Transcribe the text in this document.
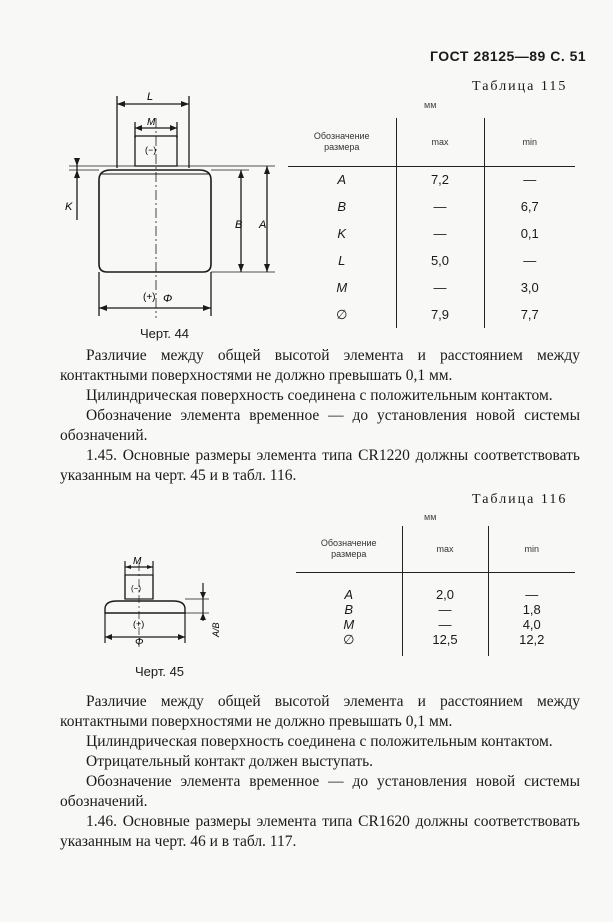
ГОСТ 28125—89 С. 51
L
M
(−)
K
B A
(+) Φ
Черт. 44
Таблица 115
мм
Обозначение размера	max	min
A	7,2	—
B	—	6,7
K	—	0,1
L	5,0	—
M	—	3,0
∅	7,9	7,7

Различие между общей высотой элемента и расстоянием между контактными поверхностями не должно превышать 0,1 мм.

Цилиндрическая поверхность соединена с положительным контактом.

Обозначение элемента временное — до установления новой системы обозначений.

1.45. Основные размеры элемента типа CR1220 должны соответствовать указанным на черт. 45 и в табл. 116.

Таблица 116
мм
Обозначение размера	max	min
A	2,0	—
B	—	1,8
M	—	4,0
∅	12,5	12,2
M
(−)
(+)
Φ
A/B
Черт. 45

Различие между общей высотой элемента и расстоянием между контактными поверхностями не должно превышать 0,1 мм.

Цилиндрическая поверхность соединена с положительным контактом.

Отрицательный контакт должен выступать.

Обозначение элемента временное — до установления новой системы обозначений.

1.46. Основные размеры элемента типа CR1620 должны соответствовать указанным на черт. 46 и в табл. 117.
